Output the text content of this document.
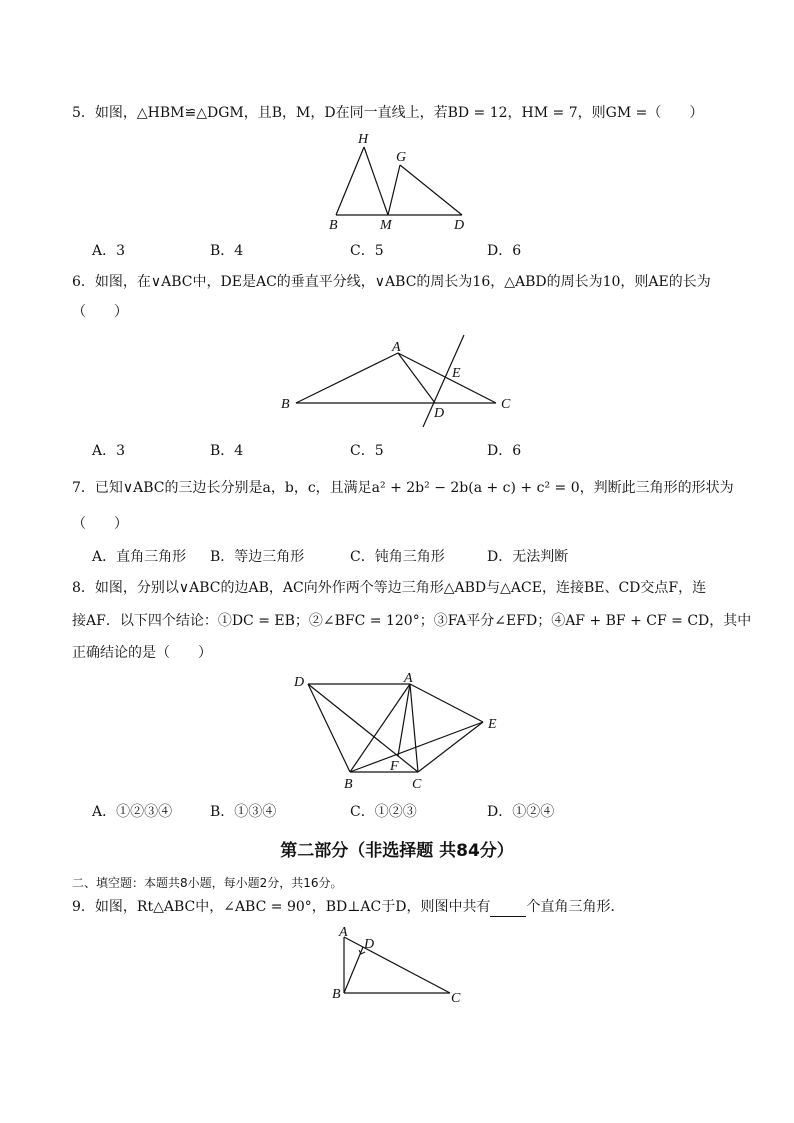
5．如图，△HBM≌△DGM，且B，M，D在同一直线上，若BD = 12，HM = 7，则GM =（　　）
H
G
B	M	D
A．3	B．4	C．5	D．6
6．如图，在∨ABC中，DE是AC的垂直平分线，∨ABC的周长为16，△ABD的周长为10，则AE的长为
（　　）
A
B	C
D
E
A．3	B．4	C．5	D．6
7．已知∨ABC的三边长分别是a，b，c，且满足a² + 2b² − 2b(a + c) + c² = 0，判断此三角形的形状为
（　　）
A．直角三角形 B．等边三角形	C．钝角三角形	D．无法判断
8．如图，分别以∨ABC的边AB，AC向外作两个等边三角形△ABD与△ACE，连接BE、CD交点F，连
接AF．以下四个结论：①DC = EB；②∠BFC = 120°；③FA平分∠EFD；④AF + BF + CF = CD，其中
正确结论的是（　　）
D	A
E
B	C
F
A．①②③④	B．①③④	C．①②③	D．①②④
第二部分（非选择题 共84分）
二、填空题：本题共8小题，每小题2分，共16分。
9．如图，Rt△ABC中，∠ABC = 90°，BD⊥AC于D，则图中共有	个直角三角形．
A
D
B	C
